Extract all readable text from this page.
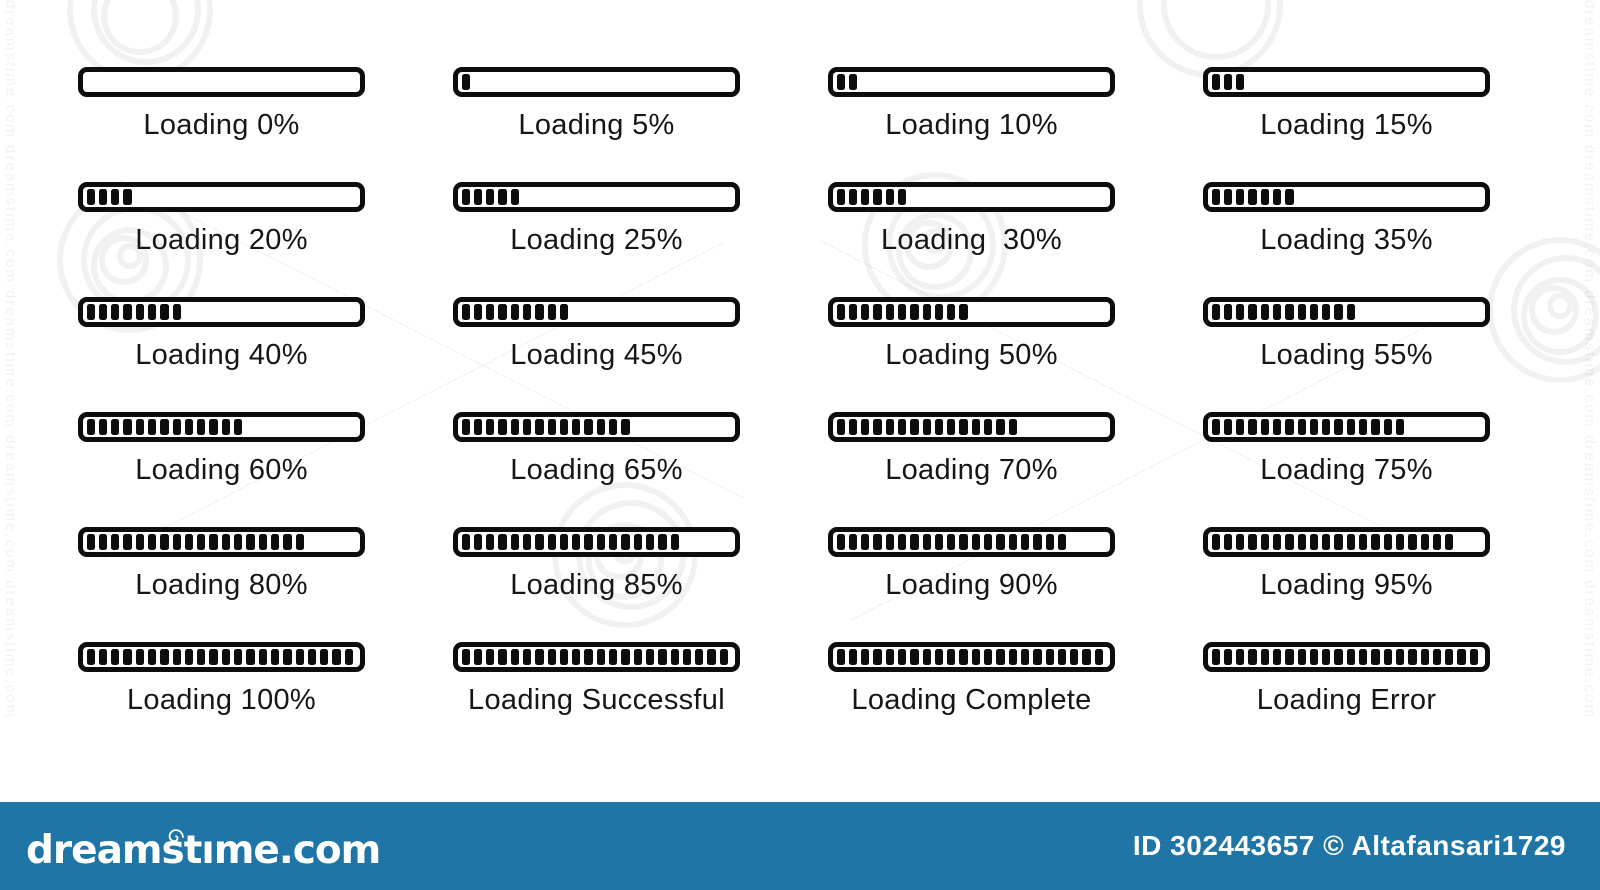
dreamstime.com dreamstime.com dreamstime.com dreamstime.com dreamstime.com	dreamstime.com dreamstime.com dreamstime.com dreamstime.com dreamstime.com
Loading 0%	Loading 5%	Loading 10%	Loading 15%
Loading 20%	Loading 25%	Loading  30%	Loading 35%
Loading 40%	Loading 45%	Loading 50%	Loading 55%
Loading 60%	Loading 65%	Loading 70%	Loading 75%
Loading 80%	Loading 85%	Loading 90%	Loading 95%
Loading 100%	Loading Successful	Loading Complete	Loading Error
dreamstıme.com	ID 302443657 © Altafansari1729
